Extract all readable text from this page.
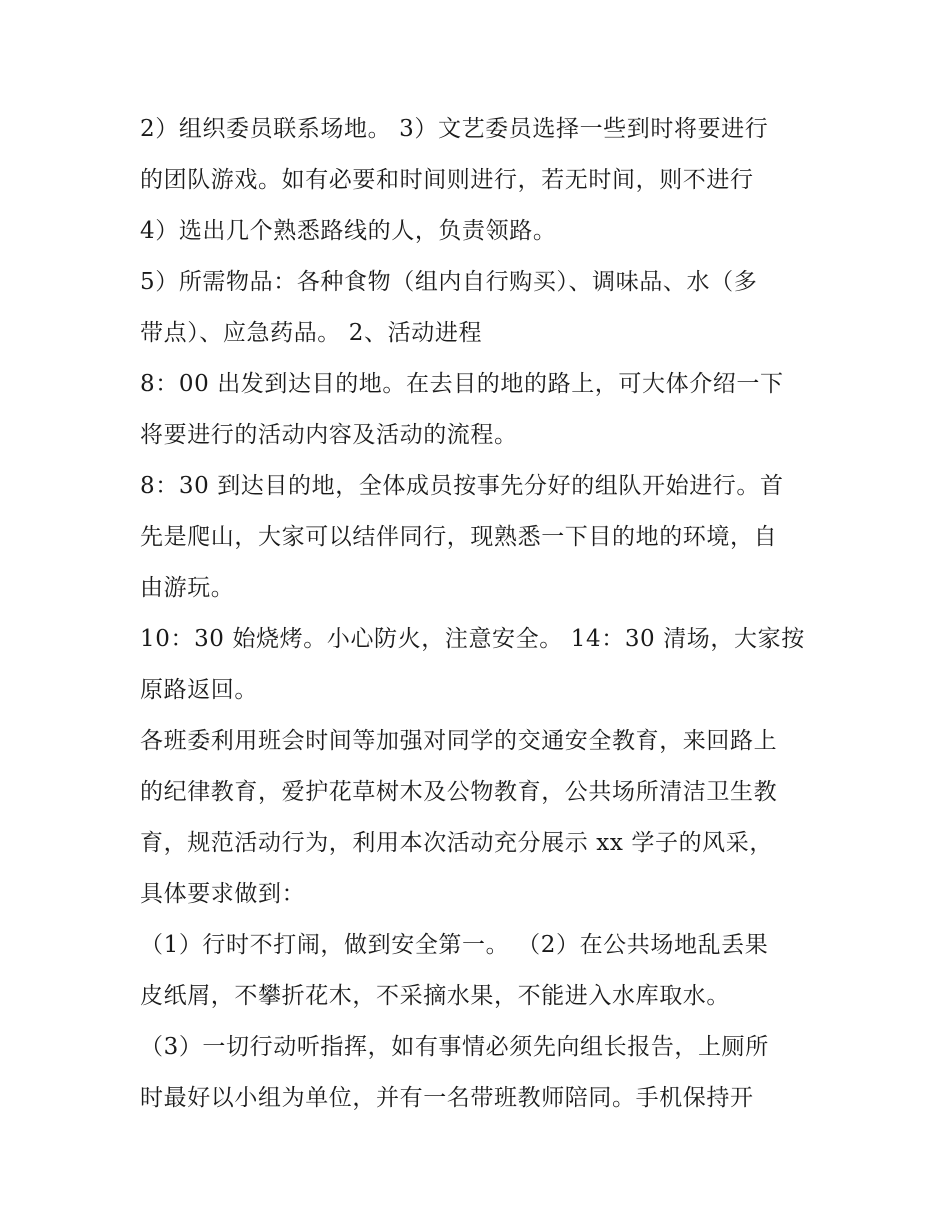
2）组织委员联系场地。 3）文艺委员选择一些到时将要进行
的团队游戏。如有必要和时间则进行，若无时间，则不进行
4）选出几个熟悉路线的人，负责领路。
5）所需物品：各种食物（组内自行购买）、调味品、水（多
带点）、应急药品。 2、活动进程
8：00 出发到达目的地。在去目的地的路上，可大体介绍一下
将要进行的活动内容及活动的流程。
8：30 到达目的地，全体成员按事先分好的组队开始进行。首
先是爬山，大家可以结伴同行，现熟悉一下目的地的环境，自
由游玩。
10：30 始烧烤。小心防火，注意安全。 14：30 清场，大家按
原路返回。
各班委利用班会时间等加强对同学的交通安全教育，来回路上
的纪律教育，爱护花草树木及公物教育，公共场所清洁卫生教
育，规范活动行为，利用本次活动充分展示 xx 学子的风采，
具体要求做到：
（1）行时不打闹，做到安全第一。 （2）在公共场地乱丢果
皮纸屑，不攀折花木，不采摘水果，不能进入水库取水。
（3）一切行动听指挥，如有事情必须先向组长报告，上厕所
时最好以小组为单位，并有一名带班教师陪同。手机保持开
